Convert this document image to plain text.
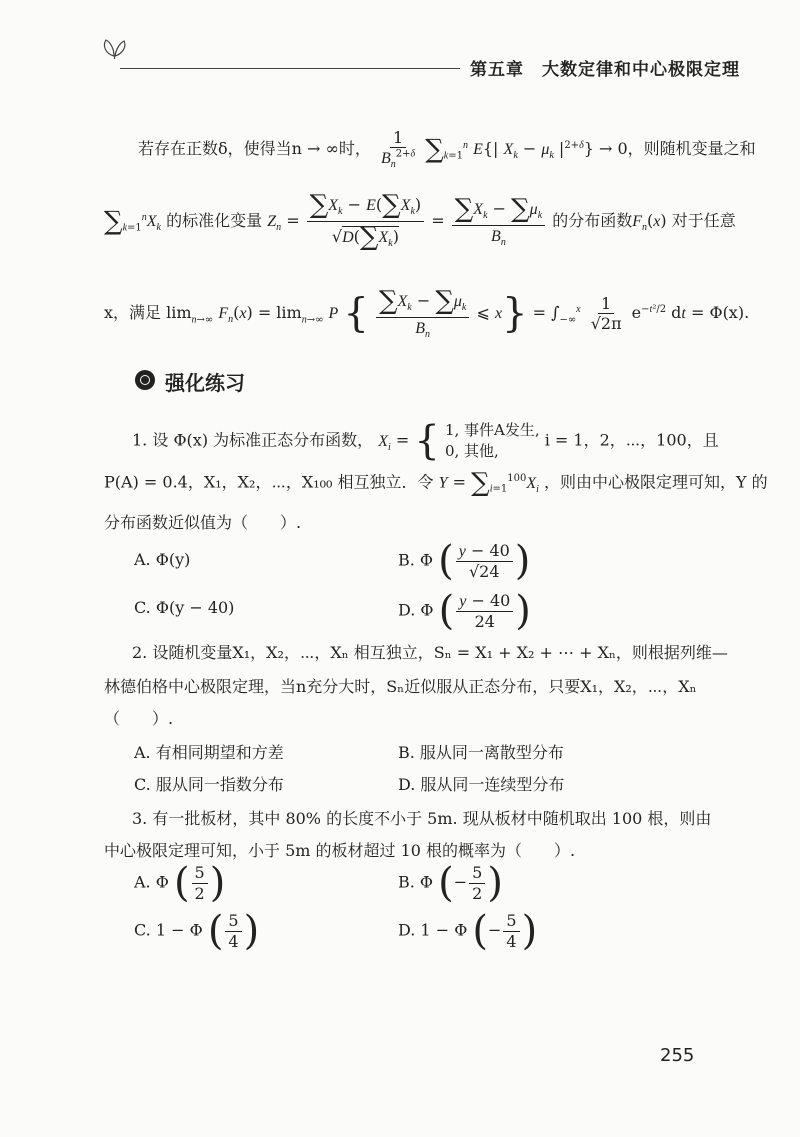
第五章　大数定律和中心极限定理
若存在正数δ，使得当n → ∞时， $\frac{1}{B_n^{2+\delta}} \sum_{k=1}^n$ E{| $X_k - \mu_k$ $|^{2+\delta}\} \to 0$，则随机变量之和
$\sum_{k=1}^nX_k$ 的标准化变量 $Z_n = \frac{\sum X_k - E(\sum X_k)}{√D(\sum X_k)} = \frac{\sum X_k - \sum\mu_k}{B_n}$ 的分布函数$F_n(x)$ 对于任意
x，满足 $\lim_{n\to\infty} F_n(x) = \lim_{n\to\infty} P$ { $\frac{\sum X_k - \sum\mu_k}{B_n}$ ⩽ $x\} = \int_{-\infty}^x \frac{1}{√2\pi} e^{-t^2/2}$ dt = Φ(x).
强化练习
1. 设 Φ(x) 为标准正态分布函数， $X_i$ = { 1, 事件A发生,
0, 其他,
i = 1，2，⋯，100，且
P(A) = 0.4，X₁，X₂，⋯，X₁₀₀ 相互独立．令 $Y = \sum_{i=1}^{100}X_i$ ，则由中心极限定理可知，Y 的
分布函数近似值为（　　）.
A. Φ(y)	B. Φ ( $\frac{y - 40}{√24}$ )
C. Φ(y − 40)	D. Φ ( $\frac{y - 40}{24}$ )
2. 设随机变量X₁，X₂，⋯，Xₙ 相互独立，Sₙ = X₁ + X₂ + ⋯ + Xₙ，则根据列维—
林德伯格中心极限定理，当n充分大时，Sₙ近似服从正态分布，只要X₁，X₂，⋯，Xₙ
（　　）.
A. 有相同期望和方差	B. 服从同一离散型分布
C. 服从同一指数分布	D. 服从同一连续型分布
3. 有一批板材，其中 80% 的长度不小于 5m. 现从板材中随机取出 100 根，则由
中心极限定理可知，小于 5m 的板材超过 10 根的概率为（　　）.
A. Φ ( $\frac{5}{2}$ )	B. Φ (− $\frac{5}{2}$ )
C. 1 − Φ ( $\frac{5}{4}$ )	D. 1 − Φ (− $\frac{5}{4}$ )
255
